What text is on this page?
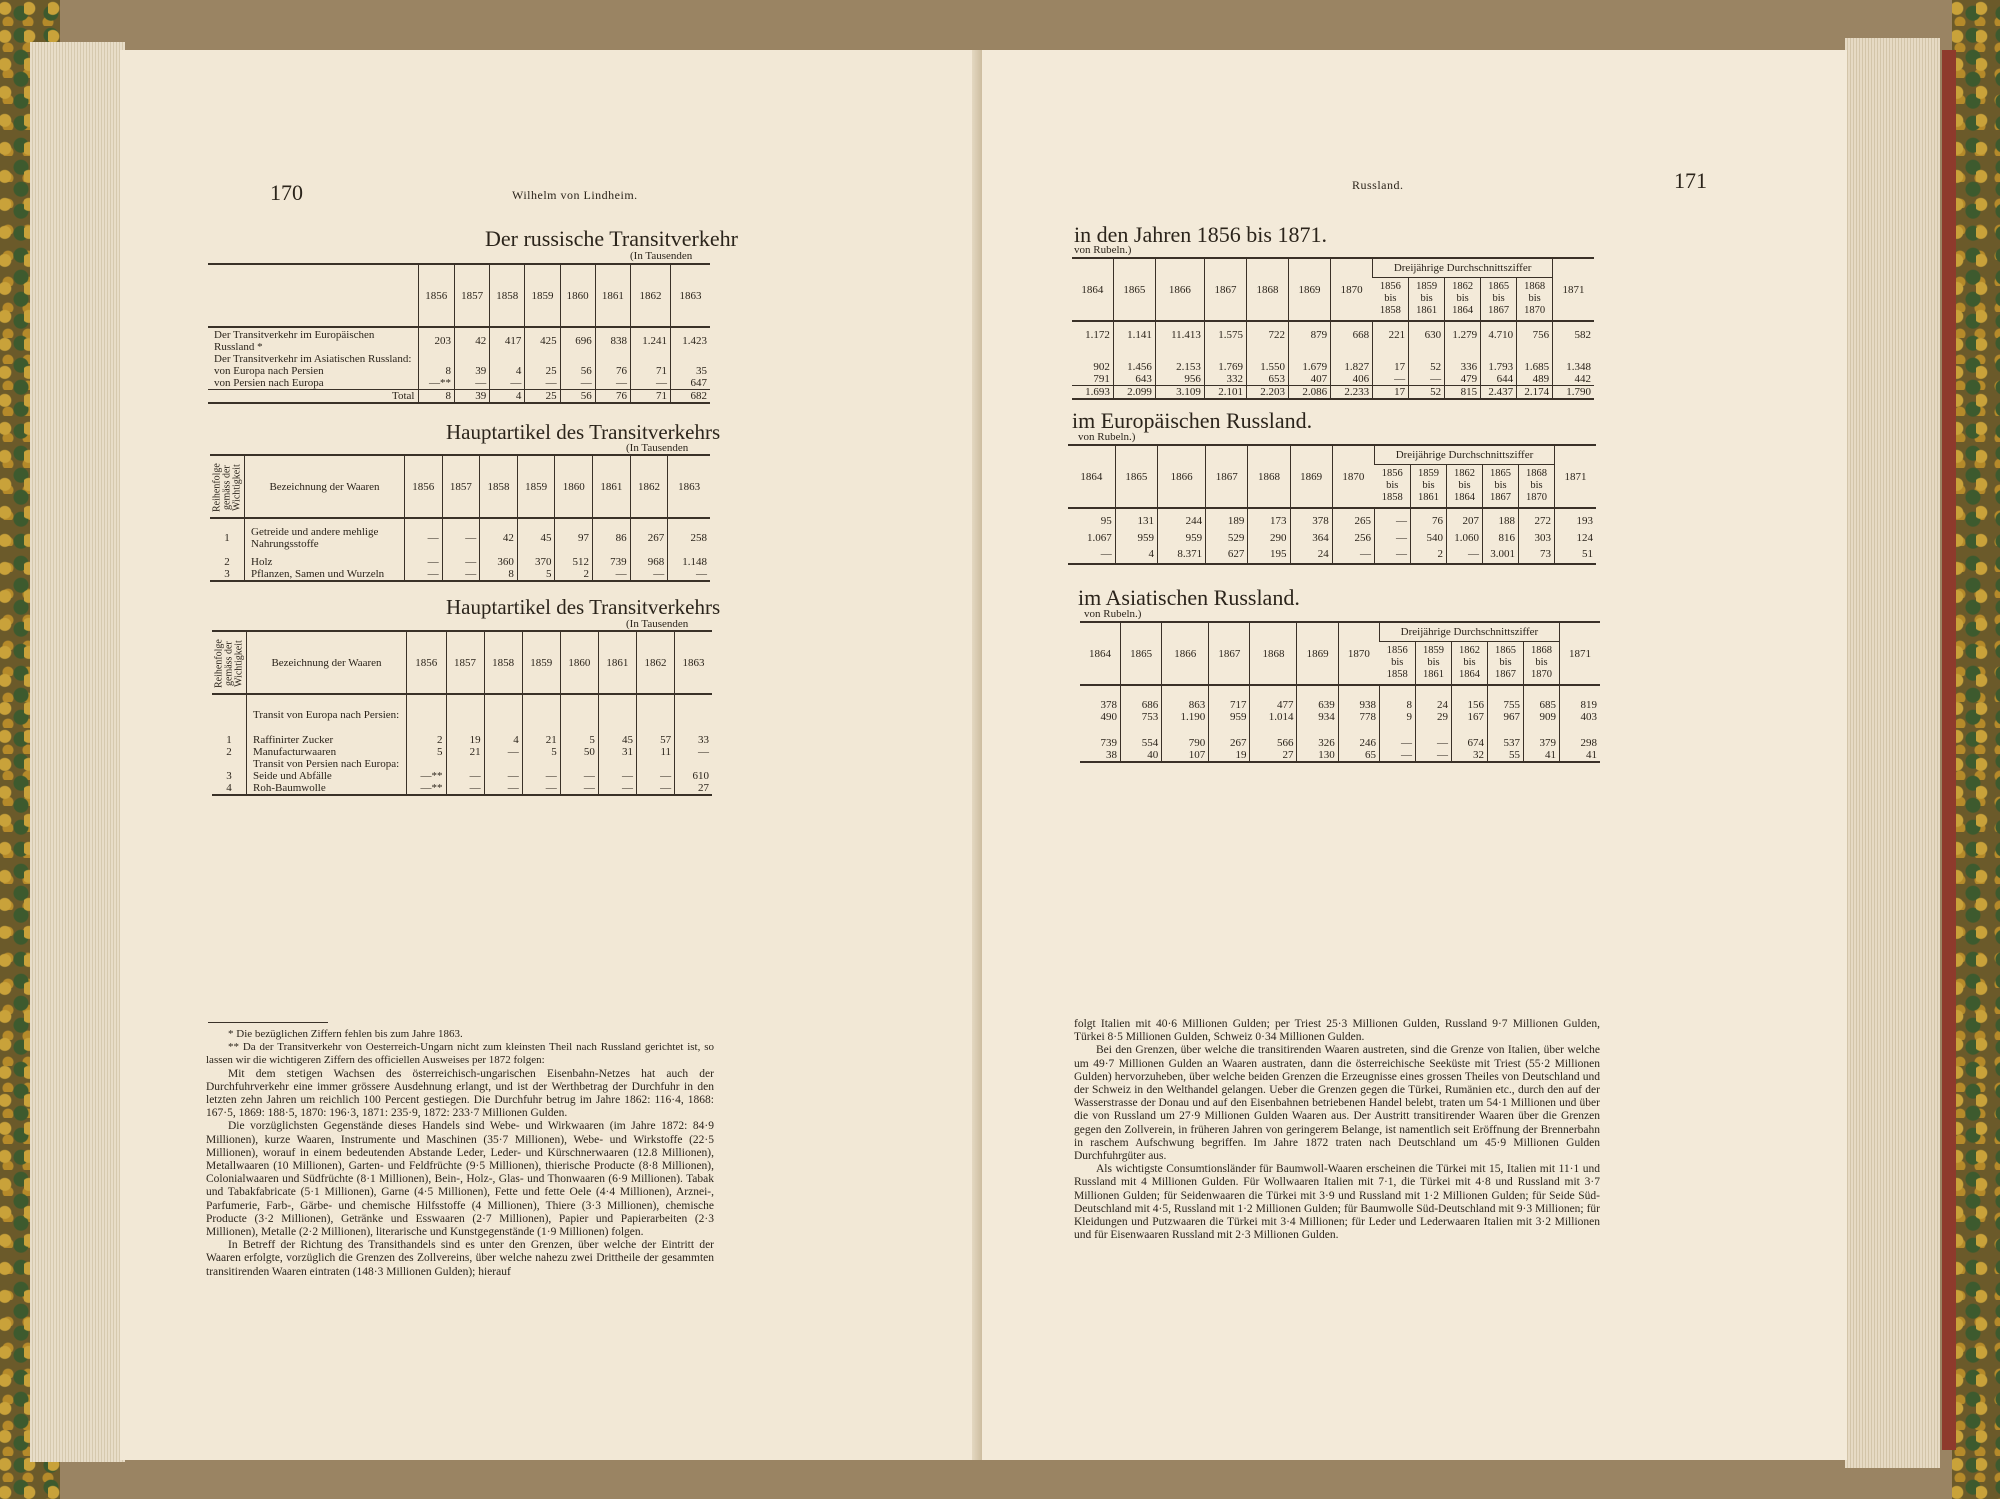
170	Wilhelm von Lindheim.
Der russische Transitverkehr
(In Tausenden
	1856	1857	1858	1859	1860	1861	1862	1863
Der Transitverkehr im Europäischen Russland *	203	42	417	425	696	838	1.241	1.423
Der Transitverkehr im Asiatischen Russland:								
von Europa nach Persien	8	39	4	25	56	76	71	35
von Persien nach Europa	—**	—	—	—	—	—	—	647
Total	8	39	4	25	56	76	71	682
Hauptartikel des Transitverkehrs
(In Tausenden
Reihenfolge gemäss der Wichtigkeit	Bezeichnung der Waaren	1856	1857	1858	1859	1860	1861	1862	1863
1	Getreide und andere mehlige Nahrungsstoffe	—	—	42	45	97	86	267	258
2	Holz	—	—	360	370	512	739	968	1.148
3	Pflanzen, Samen und Wurzeln	—	—	8	5	2	—	—	—
Hauptartikel des Transitverkehrs
(In Tausenden
Reihenfolge gemäss der Wichtigkeit	Bezeichnung der Waaren	1856	1857	1858	1859	1860	1861	1862	1863
	Transit von Europa nach Persien:								
1	Raffinirter Zucker	2	19	4	21	5	45	57	33
2	Manufacturwaaren	5	21	—	5	50	31	11	—
	Transit von Persien nach Europa:								
3	Seide und Abfälle	—**	—	—	—	—	—	—	610
4	Roh-Baumwolle	—**	—	—	—	—	—	—	27

* Die bezüglichen Ziffern fehlen bis zum Jahre 1863.

** Da der Transitverkehr von Oesterreich-Ungarn nicht zum kleinsten Theil nach Russland gerichtet ist, so lassen wir die wichtigeren Ziffern des officiellen Ausweises per 1872 folgen:

Mit dem stetigen Wachsen des österreichisch-ungarischen Eisenbahn-Netzes hat auch der Durchfuhrverkehr eine immer grössere Ausdehnung erlangt, und ist der Werthbetrag der Durchfuhr in den letzten zehn Jahren um reichlich 100 Percent gestiegen. Die Durchfuhr betrug im Jahre 1862: 116·4, 1868: 167·5, 1869: 188·5, 1870: 196·3, 1871: 235·9, 1872: 233·7 Millionen Gulden.

Die vorzüglichsten Gegenstände dieses Handels sind Webe- und Wirkwaaren (im Jahre 1872: 84·9 Millionen), kurze Waaren, Instrumente und Maschinen (35·7 Millionen), Webe- und Wirkstoffe (22·5 Millionen), worauf in einem bedeutenden Abstande Leder, Leder- und Kürschnerwaaren (12.8 Millionen), Metallwaaren (10 Millionen), Garten- und Feldfrüchte (9·5 Millionen), thierische Producte (8·8 Millionen), Colonialwaaren und Südfrüchte (8·1 Millionen), Bein-, Holz-, Glas- und Thonwaaren (6·9 Millionen). Tabak und Tabakfabricate (5·1 Millionen), Garne (4·5 Millionen), Fette und fette Oele (4·4 Millionen), Arznei-, Parfumerie, Farb-, Gärbe- und chemische Hilfsstoffe (4 Millionen), Thiere (3·3 Millionen), chemische Producte (3·2 Millionen), Getränke und Esswaaren (2·7 Millionen), Papier und Papierarbeiten (2·3 Millionen), Metalle (2·2 Millionen), literarische und Kunstgegenstände (1·9 Millionen) folgen.

In Betreff der Richtung des Transithandels sind es unter den Grenzen, über welche der Eintritt der Waaren erfolgte, vorzüglich die Grenzen des Zollvereins, über welche nahezu zwei Drittheile der gesammten transitirenden Waaren eintraten (148·3 Millionen Gulden); hierauf

Russland.	171
in den Jahren 1856 bis 1871.
von Rubeln.)
1864	1865	1866	1867	1868	1869	1870	Dreijährige Durchschnittsziffer					1871
							1856 bis 1858	1859 bis 1861	1862 bis 1864	1865 bis 1867	1868 bis 1870	
1.172	1.141	11.413	1.575	722	879	668	221	630	1.279	4.710	756	582

902	1.456	2.153	1.769	1.550	1.679	1.827	17	52	336	1.793	1.685	1.348
791	643	956	332	653	407	406	—	—	479	644	489	442
1.693	2.099	3.109	2.101	2.203	2.086	2.233	17	52	815	2.437	2.174	1.790
im Europäischen Russland.
von Rubeln.)
1864	1865	1866	1867	1868	1869	1870	Dreijährige Durchschnittsziffer					1871
							1856 bis 1858	1859 bis 1861	1862 bis 1864	1865 bis 1867	1868 bis 1870	
95	131	244	189	173	378	265	—	76	207	188	272	193
1.067	959	959	529	290	364	256	—	540	1.060	816	303	124
—	4	8.371	627	195	24	—	—	2	—	3.001	73	51
im Asiatischen Russland.
von Rubeln.)
1864	1865	1866	1867	1868	1869	1870	Dreijährige Durchschnittsziffer					1871
							1856 bis 1858	1859 bis 1861	1862 bis 1864	1865 bis 1867	1868 bis 1870	

378	686	863	717	477	639	938	8	24	156	755	685	819
490	753	1.190	959	1.014	934	778	9	29	167	967	909	403

739	554	790	267	566	326	246	—	—	674	537	379	298
38	40	107	19	27	130	65	—	—	32	55	41	41

folgt Italien mit 40·6 Millionen Gulden; per Triest 25·3 Millionen Gulden, Russland 9·7 Millionen Gulden, Türkei 8·5 Millionen Gulden, Schweiz 0·34 Millionen Gulden.

Bei den Grenzen, über welche die transitirenden Waaren austreten, sind die Grenze von Italien, über welche um 49·7 Millionen Gulden an Waaren austraten, dann die österreichische Seeküste mit Triest (55·2 Millionen Gulden) hervorzuheben, über welche beiden Grenzen die Erzeugnisse eines grossen Theiles von Deutschland und der Schweiz in den Welthandel gelangen. Ueber die Grenzen gegen die Türkei, Rumänien etc., durch den auf der Wasserstrasse der Donau und auf den Eisenbahnen betriebenen Handel belebt, traten um 54·1 Millionen und über die von Russland um 27·9 Millionen Gulden Waaren aus. Der Austritt transitirender Waaren über die Grenzen gegen den Zollverein, in früheren Jahren von geringerem Belange, ist namentlich seit Eröffnung der Brennerbahn in raschem Aufschwung begriffen. Im Jahre 1872 traten nach Deutschland um 45·9 Millionen Gulden Durchfuhrgüter aus.

Als wichtigste Consumtionsländer für Baumwoll-Waaren erscheinen die Türkei mit 15, Italien mit 11·1 und Russland mit 4 Millionen Gulden. Für Wollwaaren Italien mit 7·1, die Türkei mit 4·8 und Russland mit 3·7 Millionen Gulden; für Seidenwaaren die Türkei mit 3·9 und Russland mit 1·2 Millionen Gulden; für Seide Süd-Deutschland mit 4·5, Russland mit 1·2 Millionen Gulden; für Baumwolle Süd-Deutschland mit 9·3 Millionen; für Kleidungen und Putzwaaren die Türkei mit 3·4 Millionen; für Leder und Lederwaaren Italien mit 3·2 Millionen und für Eisenwaaren Russland mit 2·3 Millionen Gulden.
